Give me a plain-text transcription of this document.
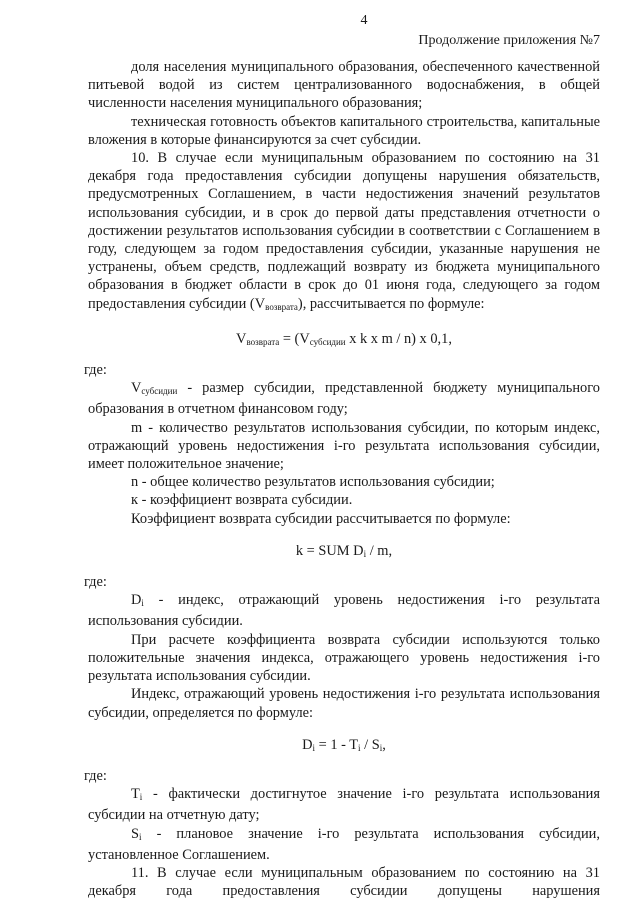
4
Продолжение приложения №7

доля населения муниципального образования, обеспеченного качественной питьевой водой из систем централизованного водоснабжения, в общей численности населения муниципального образования;

техническая готовность объектов капитального строительства, капитальные вложения в которые финансируются за счет субсидии.

10. В случае если муниципальным образованием по состоянию на 31 декабря года предоставления субсидии допущены нарушения обязательств, предусмотренных Соглашением, в части недостижения значений результатов использования субсидии, и в срок до первой даты представления отчетности о достижении результатов использования субсидии в соответствии с Соглашением в году, следующем за годом предоставления субсидии, указанные нарушения не устранены, объем средств, подлежащий возврату из бюджета муниципального образования в бюджет области в срок до 01 июня года, следующего за годом предоставления субсидии $(V_{возврата})$, рассчитывается по формуле:

$V_{возврата} = (V_{субсидии}$ x k x m / n) x 0,1,

где:

$V_{субсидии}$ - размер субсидии, представленной бюджету муниципального образования в отчетном финансовом году;

m - количество результатов использования субсидии, по которым индекс, отражающий уровень недостижения i-го результата использования субсидии, имеет положительное значение;

n - общее количество результатов использования субсидии;

к - коэффициент возврата субсидии.

Коэффициент возврата субсидии рассчитывается по формуле:

k = SUM $D_i$ / m,

где:

$D_i$ - индекс, отражающий уровень недостижения i-го результата использования субсидии.

При расчете коэффициента возврата субсидии используются только положительные значения индекса, отражающего уровень недостижения i-го результата использования субсидии.

Индекс, отражающий уровень недостижения i-го результата использования субсидии, определяется по формуле:

$D_i = 1 - T_i / S_i$,

где:

$T_i$ - фактически достигнутое значение i-го результата использования субсидии на отчетную дату;

$S_i$ - плановое значение i-го результата использования субсидии, установленное Соглашением.

11. В случае если муниципальным образованием по состоянию на 31 декабря года предоставления субсидии допущены нарушения
